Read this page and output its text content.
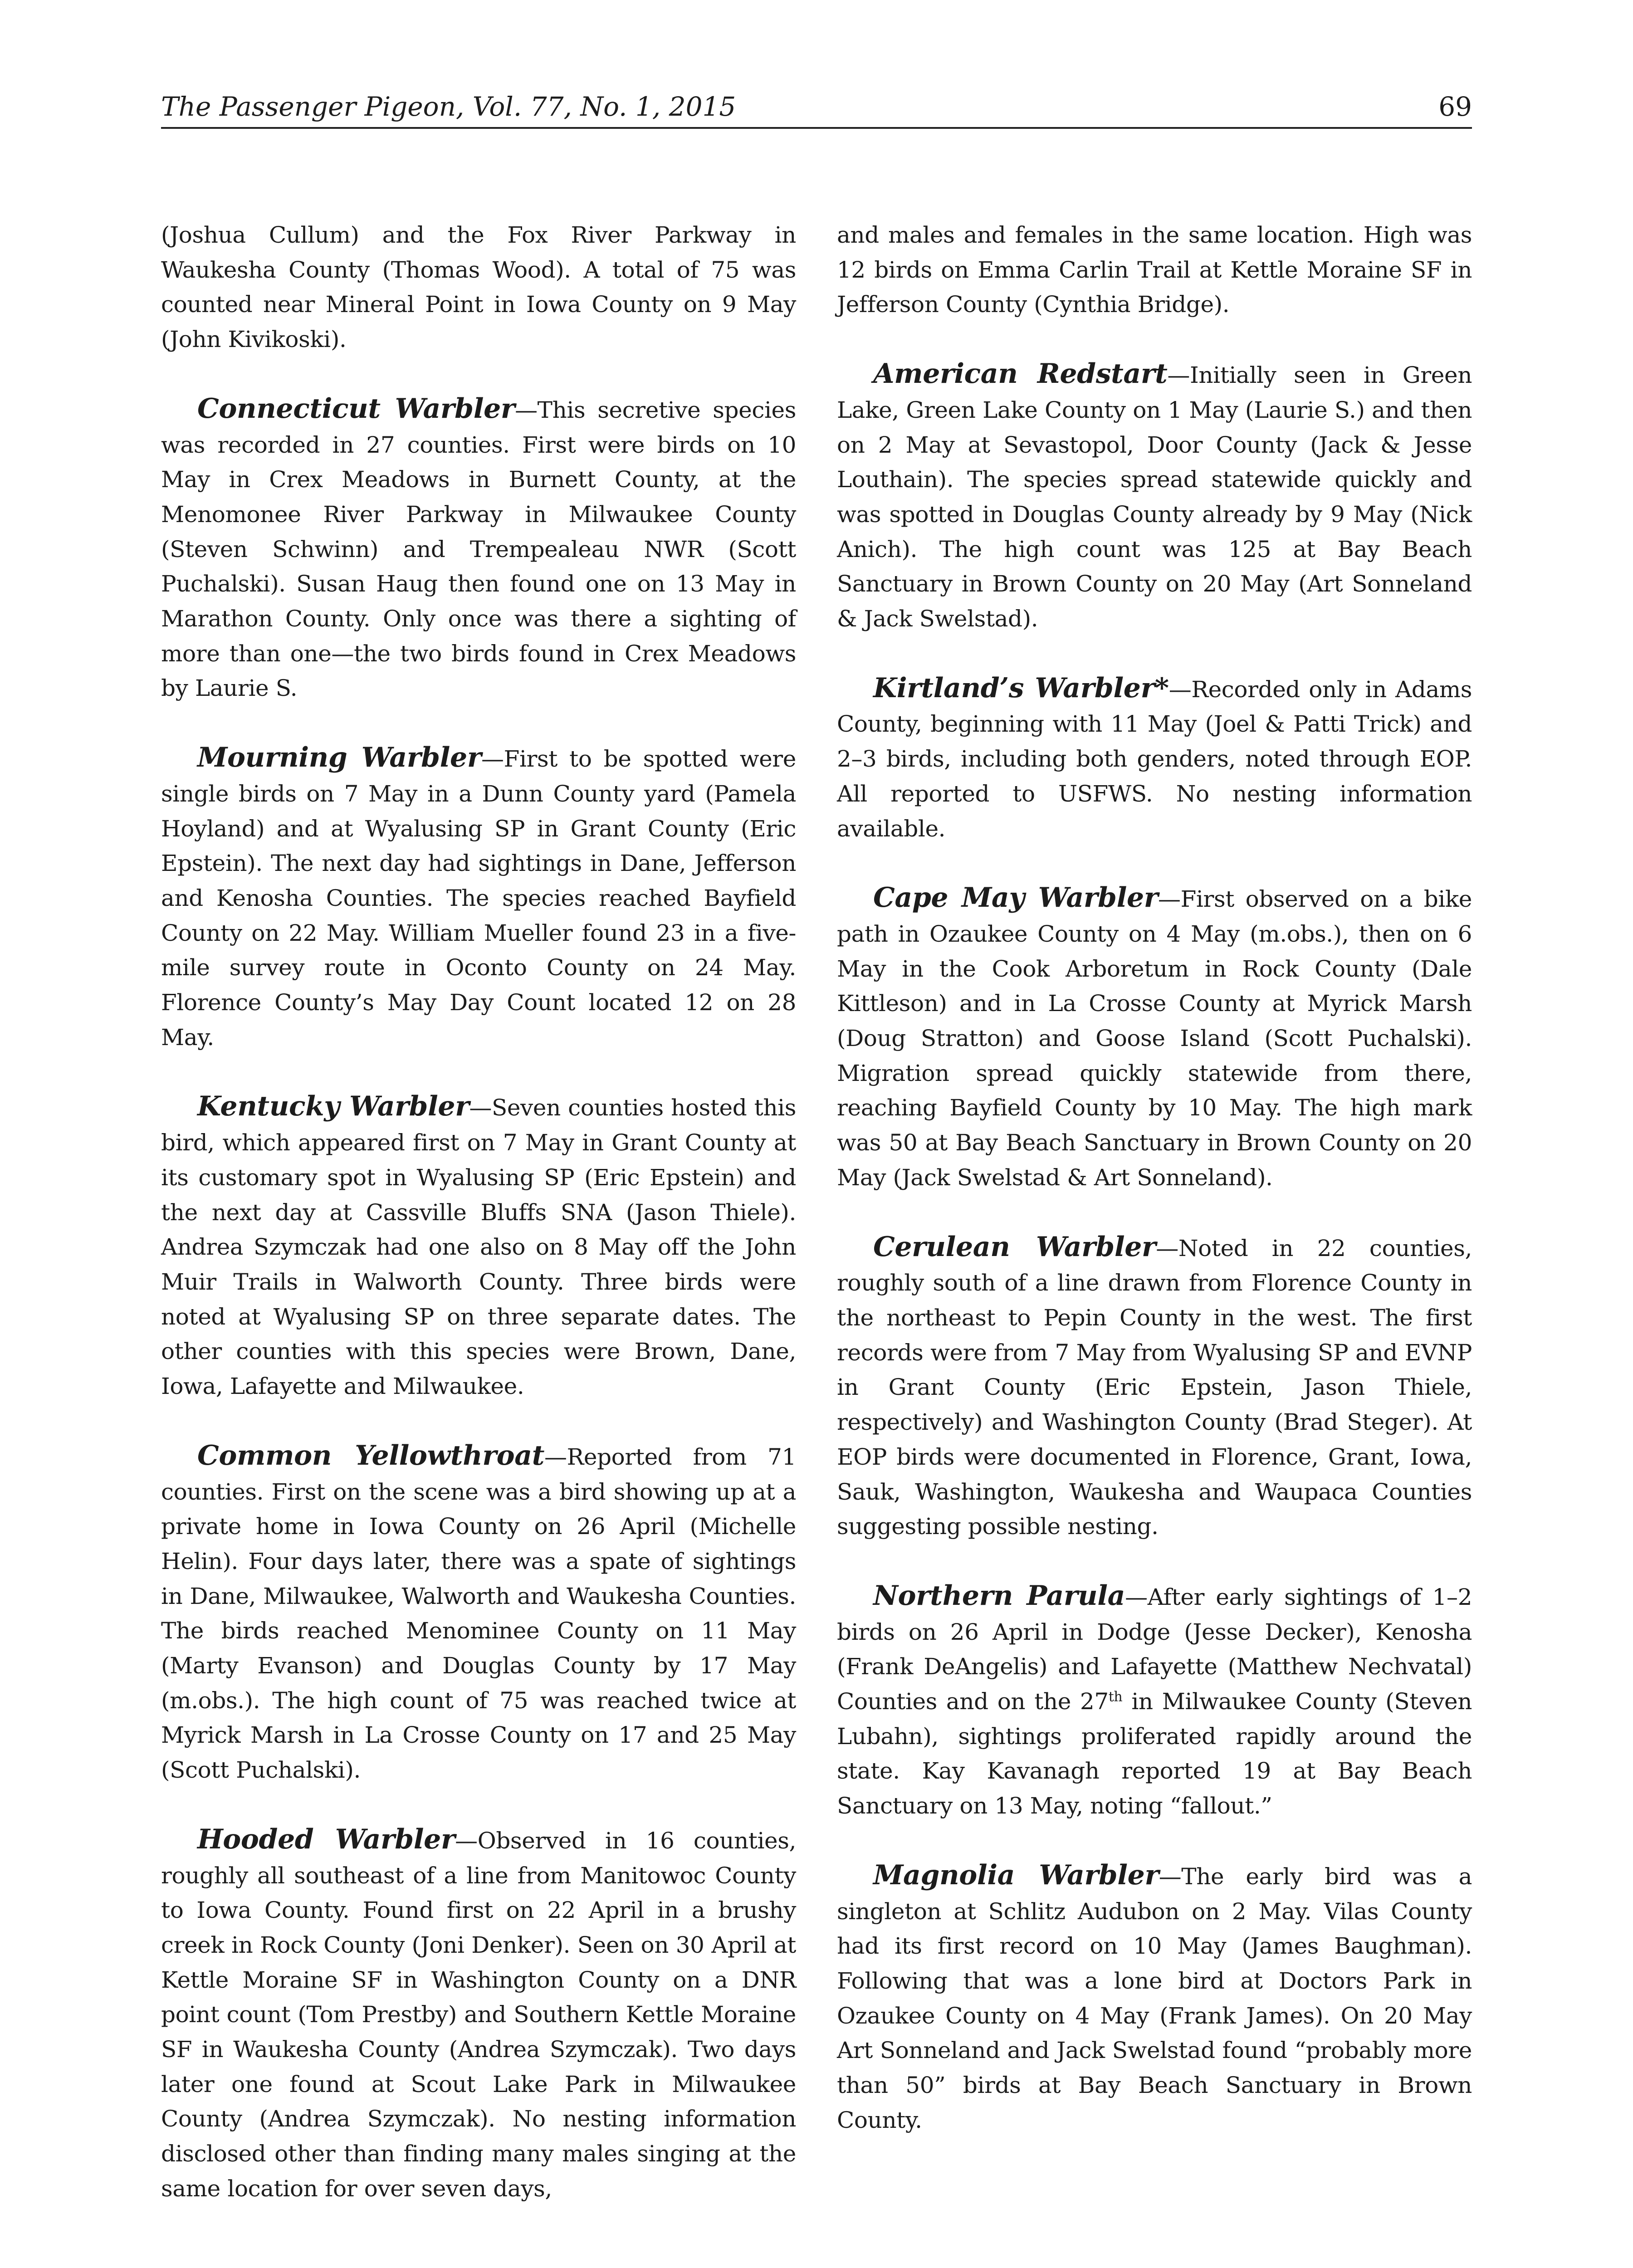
The Passenger Pigeon, Vol. 77, No. 1, 2015	69

(Joshua Cullum) and the Fox River Parkway in Waukesha County (Thomas Wood). A total of 75 was counted near Mineral Point in Iowa County on 9 May (John Kivikoski).

Connecticut Warbler—This secretive species was recorded in 27 counties. First were birds on 10 May in Crex Meadows in Burnett County, at the Menomonee River Parkway in Milwaukee County (Steven Schwinn) and Trempealeau NWR (Scott Puchalski). Susan Haug then found one on 13 May in Marathon County. Only once was there a sighting of more than one—the two birds found in Crex Meadows by Laurie S.

Mourning Warbler—First to be spotted were single birds on 7 May in a Dunn County yard (Pamela Hoyland) and at Wyalusing SP in Grant County (Eric Epstein). The next day had sightings in Dane, Jefferson and Kenosha Counties. The species reached Bayfield County on 22 May. William Mueller found 23 in a five-mile survey route in Oconto County on 24 May. Florence County’s May Day Count located 12 on 28 May.

Kentucky Warbler—Seven counties hosted this bird, which appeared first on 7 May in Grant County at its customary spot in Wyalusing SP (Eric Epstein) and the next day at Cassville Bluffs SNA (Jason Thiele). Andrea Szymczak had one also on 8 May off the John Muir Trails in Walworth County. Three birds were noted at Wyalusing SP on three separate dates. The other counties with this species were Brown, Dane, Iowa, Lafayette and Milwaukee.

Common Yellowthroat—Reported from 71 counties. First on the scene was a bird showing up at a private home in Iowa County on 26 April (Michelle Helin). Four days later, there was a spate of sightings in Dane, Milwaukee, Walworth and Waukesha Counties. The birds reached Menominee County on 11 May (Marty Evanson) and Douglas County by 17 May (m.obs.). The high count of 75 was reached twice at Myrick Marsh in La Crosse County on 17 and 25 May (Scott Puchalski).

Hooded Warbler—Observed in 16 counties, roughly all southeast of a line from Manitowoc County to Iowa County. Found first on 22 April in a brushy creek in Rock County (Joni Denker). Seen on 30 April at Kettle Moraine SF in Washington County on a DNR point count (Tom Prestby) and Southern Kettle Moraine SF in Waukesha County (Andrea Szymczak). Two days later one found at Scout Lake Park in Milwaukee County (Andrea Szymczak). No nesting information disclosed other than finding many males singing at the same location for over seven days,

and males and females in the same location. High was 12 birds on Emma Carlin Trail at Kettle Moraine SF in Jefferson County (Cynthia Bridge).

American Redstart—Initially seen in Green Lake, Green Lake County on 1 May (Laurie S.) and then on 2 May at Sevastopol, Door County (Jack & Jesse Louthain). The species spread statewide quickly and was spotted in Douglas County already by 9 May (Nick Anich). The high count was 125 at Bay Beach Sanctuary in Brown County on 20 May (Art Sonneland & Jack Swelstad).

Kirtland’s Warbler*—Recorded only in Adams County, beginning with 11 May (Joel & Patti Trick) and 2–3 birds, including both genders, noted through EOP. All reported to USFWS. No nesting information available.

Cape May Warbler—First observed on a bike path in Ozaukee County on 4 May (m.obs.), then on 6 May in the Cook Arboretum in Rock County (Dale Kittleson) and in La Crosse County at Myrick Marsh (Doug Stratton) and Goose Island (Scott Puchalski). Migration spread quickly statewide from there, reaching Bayfield County by 10 May. The high mark was 50 at Bay Beach Sanctuary in Brown County on 20 May (Jack Swelstad & Art Sonneland).

Cerulean Warbler—Noted in 22 counties, roughly south of a line drawn from Florence County in the northeast to Pepin County in the west. The first records were from 7 May from Wyalusing SP and EVNP in Grant County (Eric Epstein, Jason Thiele, respectively) and Washington County (Brad Steger). At EOP birds were documented in Florence, Grant, Iowa, Sauk, Washington, Waukesha and Waupaca Counties suggesting possible nesting.

Northern Parula—After early sightings of 1–2 birds on 26 April in Dodge (Jesse Decker), Kenosha (Frank DeAngelis) and Lafayette (Matthew Nechvatal) Counties and on the 27th in Milwaukee County (Steven Lubahn), sightings proliferated rapidly around the state. Kay Kavanagh reported 19 at Bay Beach Sanctuary on 13 May, noting “fallout.”

Magnolia Warbler—The early bird was a singleton at Schlitz Audubon on 2 May. Vilas County had its first record on 10 May (James Baughman). Following that was a lone bird at Doctors Park in Ozaukee County on 4 May (Frank James). On 20 May Art Sonneland and Jack Swelstad found “probably more than 50” birds at Bay Beach Sanctuary in Brown County.
